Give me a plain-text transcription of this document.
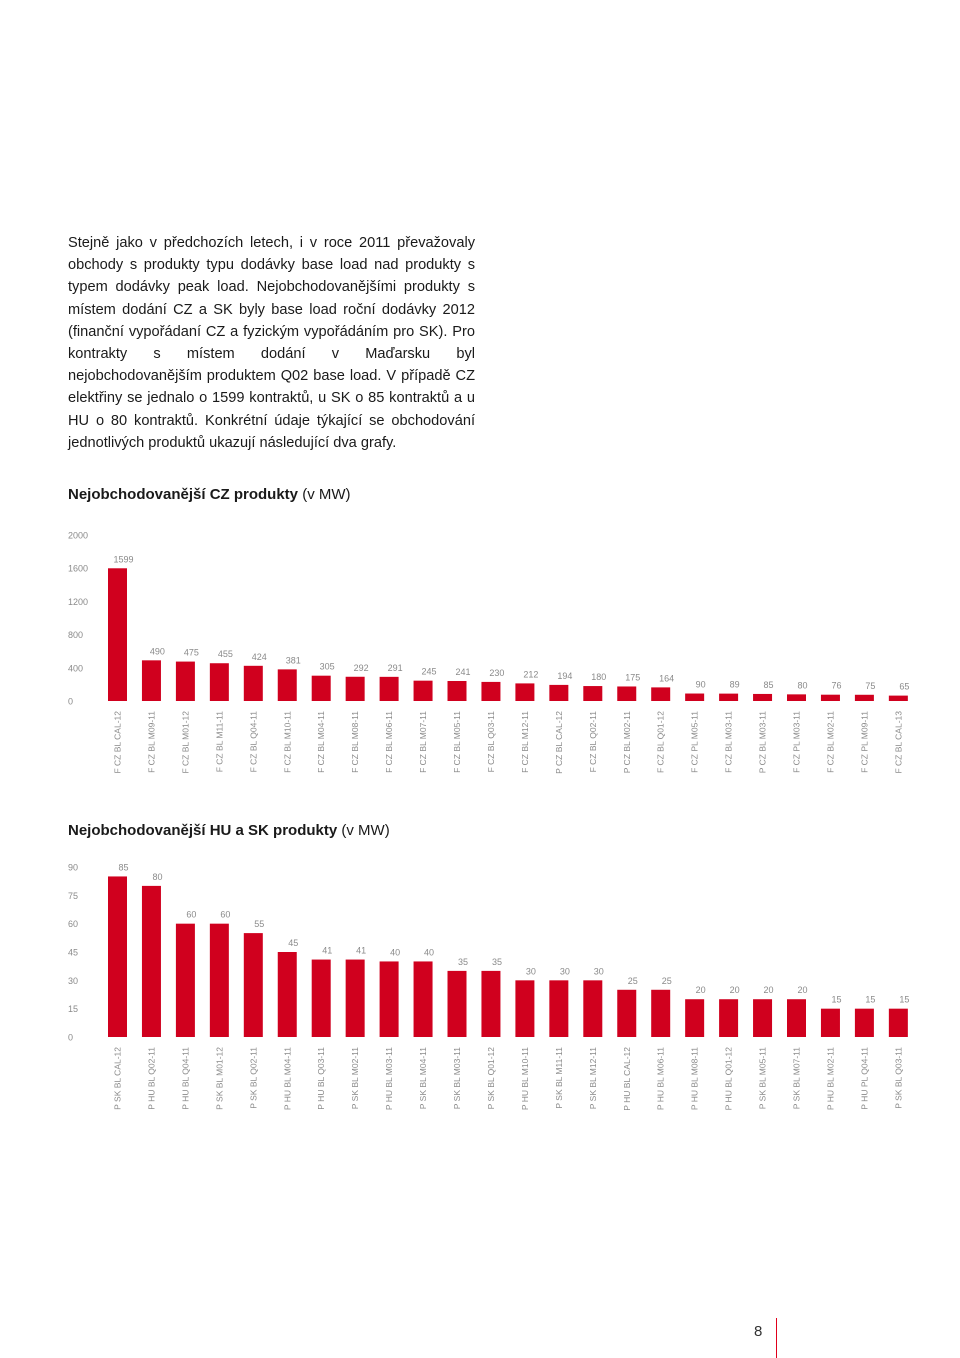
Stejně jako v předchozích letech, i v roce 2011 převažovaly obchody s produkty typu dodávky base load nad produkty s typem dodávky peak load. Nejobchodovanějšími produkty s místem dodání CZ a SK byly base load roční dodávky 2012 (finanční vypořádaní CZ a fyzickým vypořádáním pro SK). Pro kontrakty s místem dodání v Maďarsku byl nejobchodovanějším produktem Q02 base load. V případě CZ elektřiny se jednalo o 1599 kontraktů, u SK o 85 kontraktů a u HU o 80 kontraktů. Konkrétní údaje týkající se obchodování jednotlivých produktů ukazují následující dva grafy.

Nejobchodovanější CZ produkty (v MW)
2000
1600
1200
800
400
0
1599
F CZ BL CAL-12
490
F CZ BL M09-11
475
F CZ BL M01-12
455
F CZ BL M11-11
424
F CZ BL Q04-11
381
F CZ BL M10-11
305
F CZ BL M04-11
292
F CZ BL M08-11
291
F CZ BL M06-11
245
F CZ BL M07-11
241
F CZ BL M05-11
230
F CZ BL Q03-11
212
F CZ BL M12-11
194
P CZ BL CAL-12
180
F CZ BL Q02-11
175
P CZ BL M02-11
164
F CZ BL Q01-12
90
F CZ PL M05-11
89
F CZ BL M03-11
85
P CZ BL M03-11
80
F CZ PL M03-11
76
F CZ BL M02-11
75
F CZ PL M09-11
65
F CZ BL CAL-13
Nejobchodovanější HU a SK produkty (v MW)
90
75
60
45
30
15
0
85
P SK BL CAL-12
80
P HU BL Q02-11
60
P HU BL Q04-11
60
P SK BL M01-12
55
P SK BL Q02-11
45
P HU BL M04-11
41
P HU BL Q03-11
41
P SK BL M02-11
40
P HU BL M03-11
40
P SK BL M04-11
35
P SK BL M03-11
35
P SK BL Q01-12
30
P HU BL M10-11
30
P SK BL M11-11
30
P SK BL M12-11
25
P HU BL CAL-12
25
P HU BL M06-11
20
P HU BL M08-11
20
P HU BL Q01-12
20
P SK BL M05-11
20
P SK BL M07-11
15
P HU BL M02-11
15
P HU PL Q04-11
15
P SK BL Q03-11
8
